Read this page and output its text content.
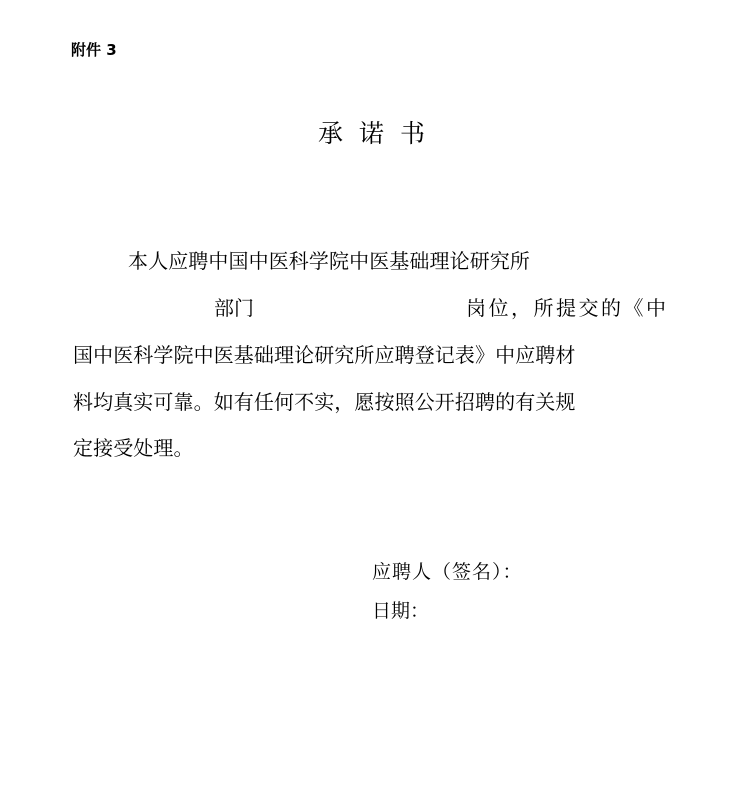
附件 3
承诺书
本人应聘中国中医科学院中医基础理论研究所
部门	岗位，所提交的《中
国中医科学院中医基础理论研究所应聘登记表》中应聘材
料均真实可靠。如有任何不实，愿按照公开招聘的有关规
定接受处理。
应聘人（签名）：
日期：
